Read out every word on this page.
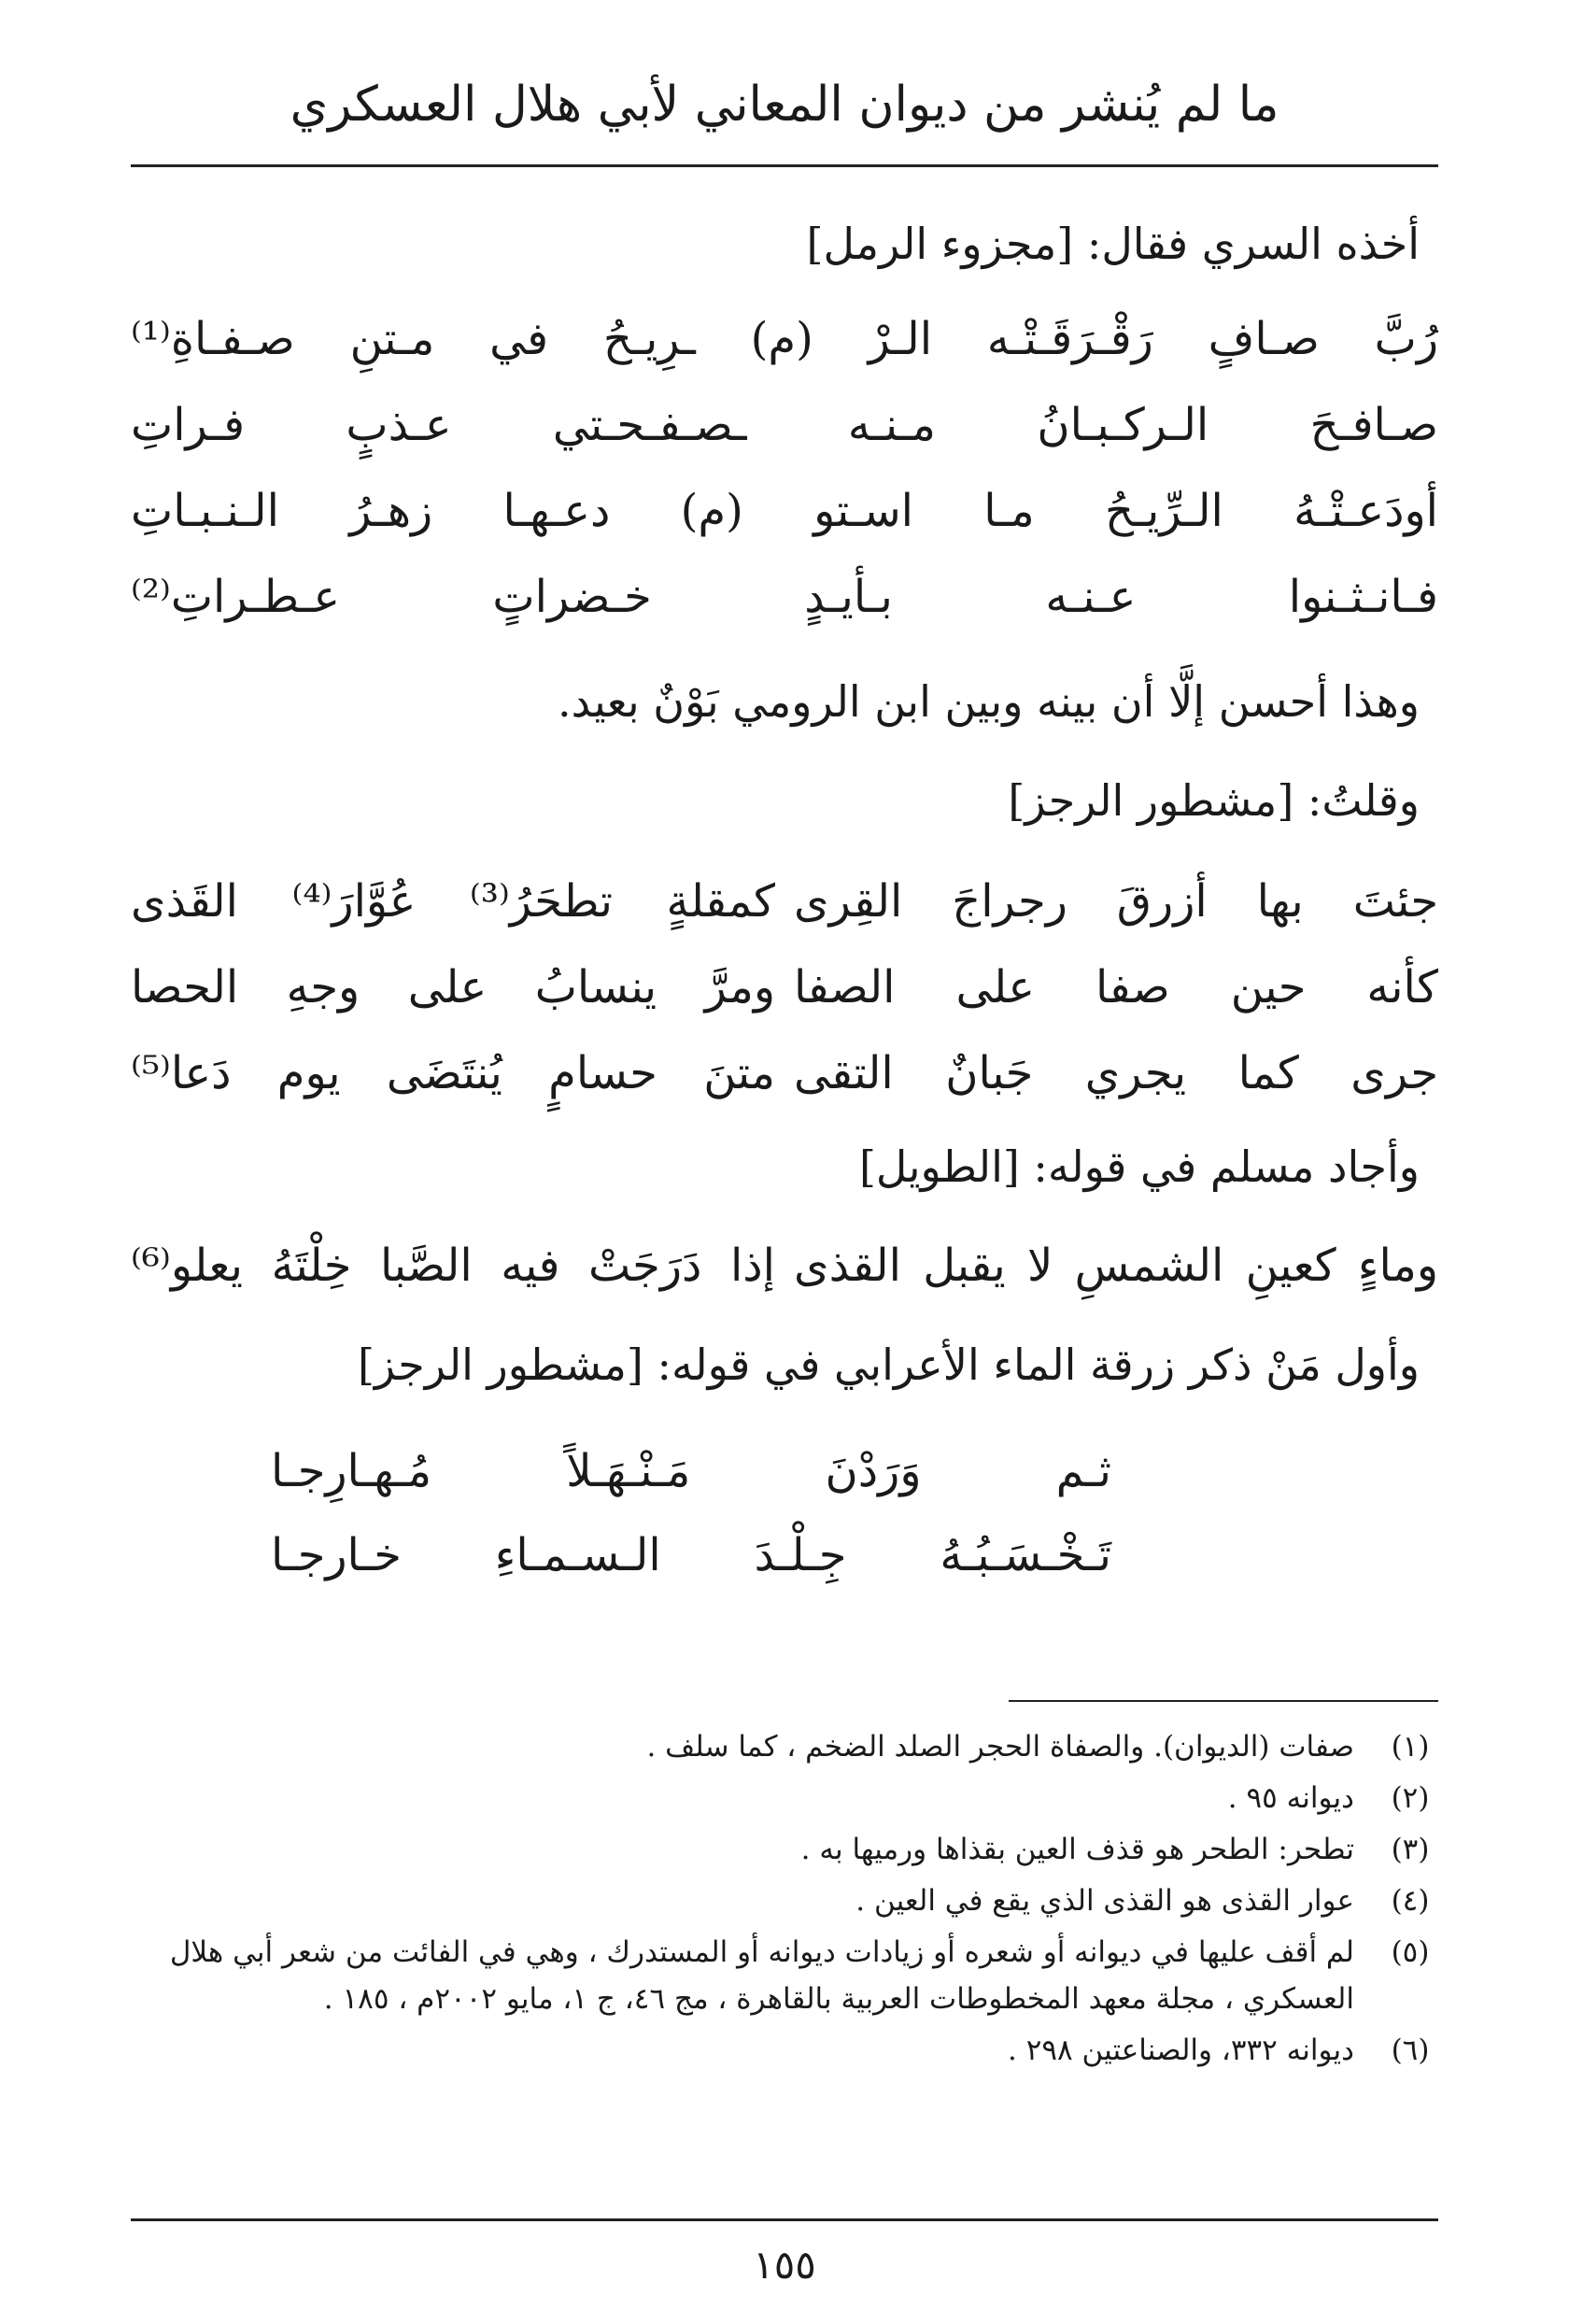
ما لم يُنشر من ديوان المعاني لأبي هلال العسكري
أخذه السري فقال: [مجزوء الرمل]
رُبَّ صـافٍ رَقْـرَقَـتْـه الـرْ (م) ـرِيـحُ في مـتنِ صـفـاةِ⁽¹⁾
صـافـحَ الـركـبـانُ مـنـه ـصـفـحـتي عـذبٍ فـراتِ
أودَعـتْـهُ الـرِّيـحُ مـا اسـتو (م) دعـهـا زهـرُ الـنـبـاتِ
فـانـثـنوا عـنـه بـأيـدٍ خـضراتٍ عـطـراتِ⁽²⁾
وهذا أحسن إلَّا أن بينه وبين ابن الرومي بَوْنٌ بعيد.
وقلتُ: [مشطور الرجز]
جئتَ بها أزرقَ رجراجَ القِرى
كمقلةٍ تطحَرُ⁽³⁾ عُوَّارَ⁽⁴⁾ القَذى
كأنه حين صفا على الصفا
ومرَّ ينسابُ على وجهِ الحصا
جرى كما يجري جَبانٌ التقى
متنَ حسامٍ يُنتَضَى يوم دَعا⁽⁵⁾
وأجاد مسلم في قوله: [الطويل]
وماءٍ كعينِ الشمسِ لا يقبل القذى
إذا دَرَجَتْ فيه الصَّبا خِلْتَهُ يعلو⁽⁶⁾
وأول مَنْ ذكر زرقة الماء الأعرابي في قوله: [مشطور الرجز]
ثـم وَرَدْنَ مَـنْـهَـلاً مُـهـارِجـا
تَـخْـسَـبُـهُ جِـلْـدَ الـسـمـاءِ خـارجـا
(١)
صفات (الديوان). والصفاة الحجر الصلد الضخم ، كما سلف .
(٢)
ديوانه ٩٥ .
(٣)
تطحر: الطحر هو قذف العين بقذاها ورميها به .
(٤)
عوار القذى هو القذى الذي يقع في العين .
(٥)
لم أقف عليها في ديوانه أو شعره أو زيادات ديوانه أو المستدرك ، وهي في الفائت من شعر أبي هلال العسكري ، مجلة معهد المخطوطات العربية بالقاهرة ، مج ٤٦، ج ١، مايو ٢٠٠٢م ، ١٨٥ .
(٦)
ديوانه ٣٣٢، والصناعتين ٢٩٨ .
١٥٥
